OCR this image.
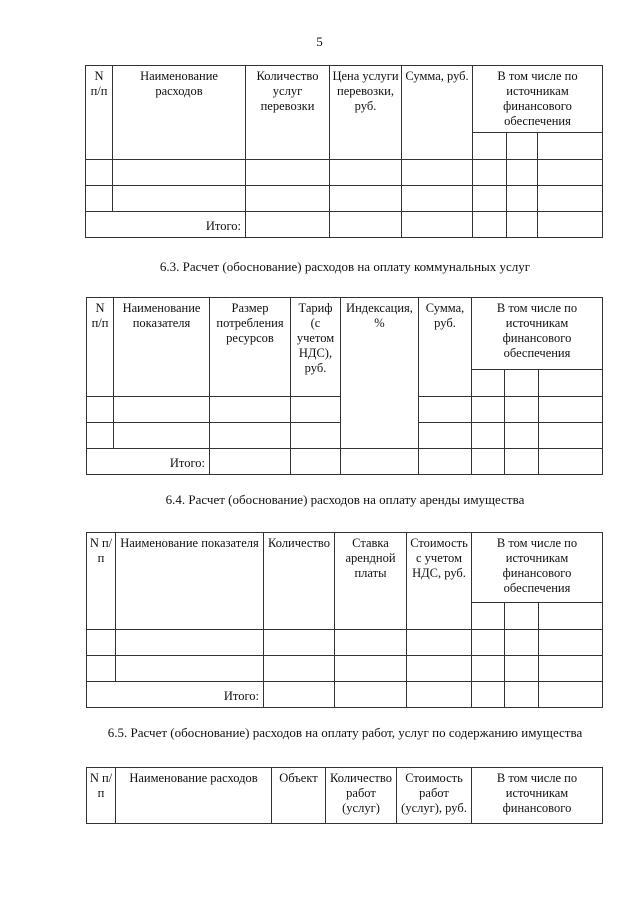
5
N п/п	Наименование расходов	Количество услуг перевозки	Цена услуги перевозки, руб.	Сумма, руб.	В том числе по источникам финансового обеспечения		

Итого:							
6.3. Расчет (обоснование) расходов на оплату коммунальных услуг
N п/п	Наименование показателя	Размер потребления ресурсов	Тариф (с учетом НДС), руб.	Индексация, %	Сумма, руб.	В том числе по источникам финансового обеспечения		

Итого:								
6.4. Расчет (обоснование) расходов на оплату аренды имущества
N п/п	Наименование показателя	Количество	Ставка арендной платы	Стоимость с учетом НДС, руб.	В том числе по источникам финансового обеспечения		

Итого:							
6.5. Расчет (обоснование) расходов на оплату работ, услуг по содержанию имущества
N п/п	Наименование расходов	Объект	Количество работ (услуг)	Стоимость работ (услуг), руб.	В том числе по источникам финансового
